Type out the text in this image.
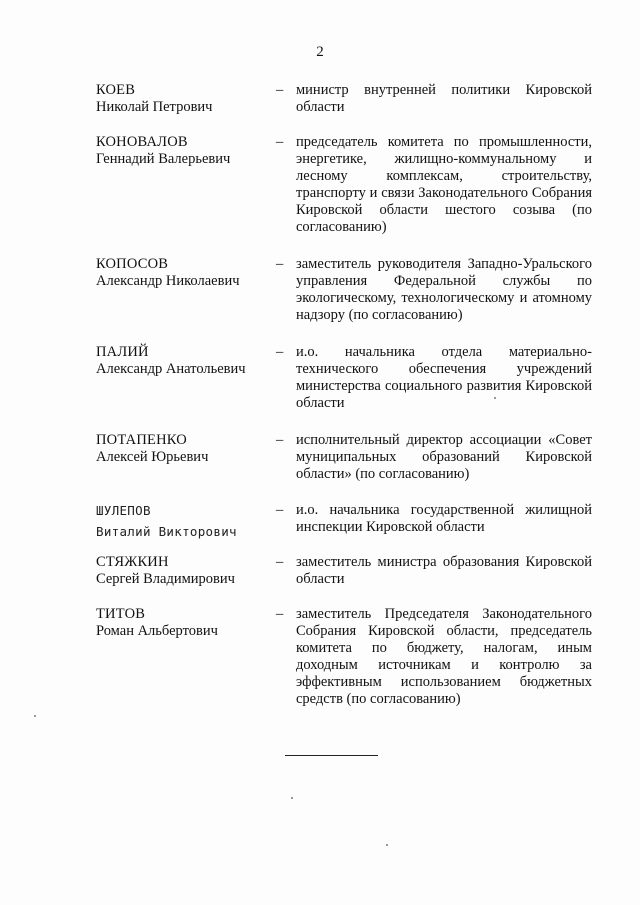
2
КОЕВ
Николай Петрович
– министр внутренней политики Кировской области
КОНОВАЛОВ
Геннадий Валерьевич
– председатель комитета по промышленности, энергетике, жилищно-коммунальному и лесному комплексам, строительству, транспорту и связи Законодательного Собрания Кировской области шестого созыва (по согласованию)
КОПОСОВ
Александр Николаевич
– заместитель руководителя Западно-Уральского управления Федеральной службы по экологическому, технологическому и атомному надзору (по согласованию)
ПАЛИЙ
Александр Анатольевич
– и.о. начальника отдела материально-технического обеспечения учреждений министерства социального развития Кировской области
ПОТАПЕНКО
Алексей Юрьевич
– исполнительный директор ассоциации «Совет муниципальных образований Кировской области» (по согласованию)
ШУЛЕПОВ
Виталий Викторович
– и.о. начальника государственной жилищной инспекции Кировской области
СТЯЖКИН
Сергей Владимирович
– заместитель министра образования Кировской области
ТИТОВ
Роман Альбертович
– заместитель Председателя Законодательного Собрания Кировской области, председатель комитета по бюджету, налогам, иным доходным источникам и контролю за эффективным использованием бюджетных средств (по согласованию)
